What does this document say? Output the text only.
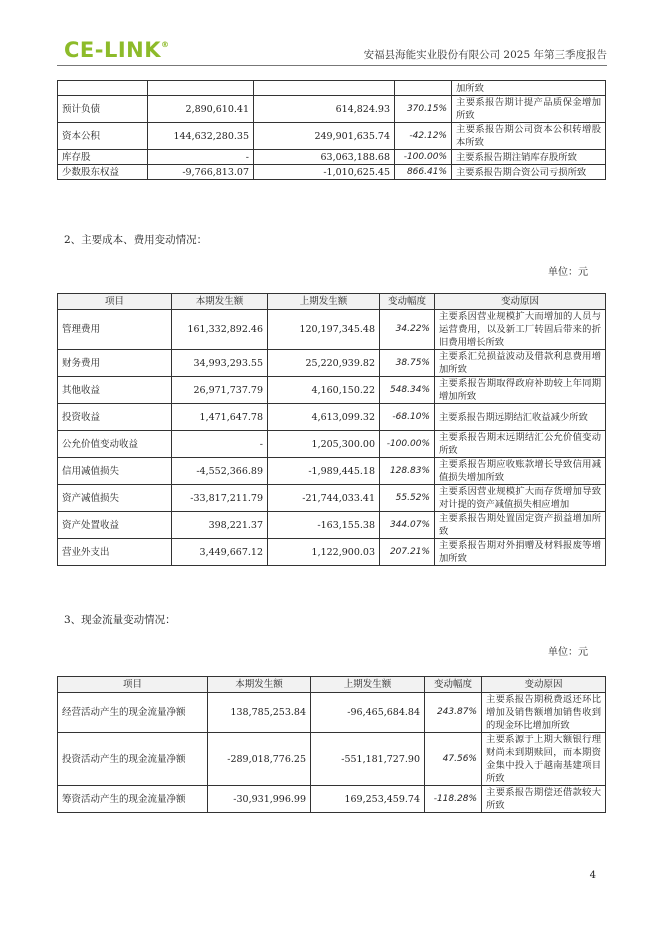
CE-LINK®
安福县海能实业股份有限公司 2025 年第三季度报告
				加所致
预计负债	2,890,610.41	614,824.93	370.15%	主要系报告期计提产品质保金增加所致
资本公积	144,632,280.35	249,901,635.74	-42.12%	主要系报告期公司资本公积转增股本所致
库存股	-	63,063,188.68	-100.00%	主要系报告期注销库存股所致
少数股东权益	-9,766,813.07	-1,010,625.45	866.41%	主要系报告期合资公司亏损所致
2、主要成本、费用变动情况：
单位：元
项目	本期发生额	上期发生额	变动幅度	变动原因
管理费用	161,332,892.46	120,197,345.48	34.22%	主要系因营业规模扩大而增加的人员与运营费用，以及新工厂转固后带来的折旧费用增长所致
财务费用	34,993,293.55	25,220,939.82	38.75%	主要系汇兑损益波动及借款利息费用增加所致
其他收益	26,971,737.79	4,160,150.22	548.34%	主要系报告期取得政府补助较上年同期增加所致
投资收益	1,471,647.78	4,613,099.32	-68.10%	主要系报告期远期结汇收益减少所致
公允价值变动收益	-	1,205,300.00	-100.00%	主要系报告期末远期结汇公允价值变动所致
信用减值损失	-4,552,366.89	-1,989,445.18	128.83%	主要系报告期应收账款增长导致信用减值损失增加所致
资产减值损失	-33,817,211.79	-21,744,033.41	55.52%	主要系因营业规模扩大而存货增加导致对计提的资产减值损失相应增加
资产处置收益	398,221.37	-163,155.38	344.07%	主要系报告期处置固定资产损益增加所致
营业外支出	3,449,667.12	1,122,900.03	207.21%	主要系报告期对外捐赠及材料报废等增加所致
3、现金流量变动情况：
单位：元
项目	本期发生额	上期发生额	变动幅度	变动原因
经营活动产生的现金流量净额	138,785,253.84	-96,465,684.84	243.87%	主要系报告期税费返还环比增加及销售额增加销售收到的现金环比增加所致
投资活动产生的现金流量净额	-289,018,776.25	-551,181,727.90	47.56%	主要系源于上期大额银行理财尚未到期赎回，而本期资金集中投入于越南基建项目所致
筹资活动产生的现金流量净额	-30,931,996.99	169,253,459.74	-118.28%	主要系报告期偿还借款较大所致
4
